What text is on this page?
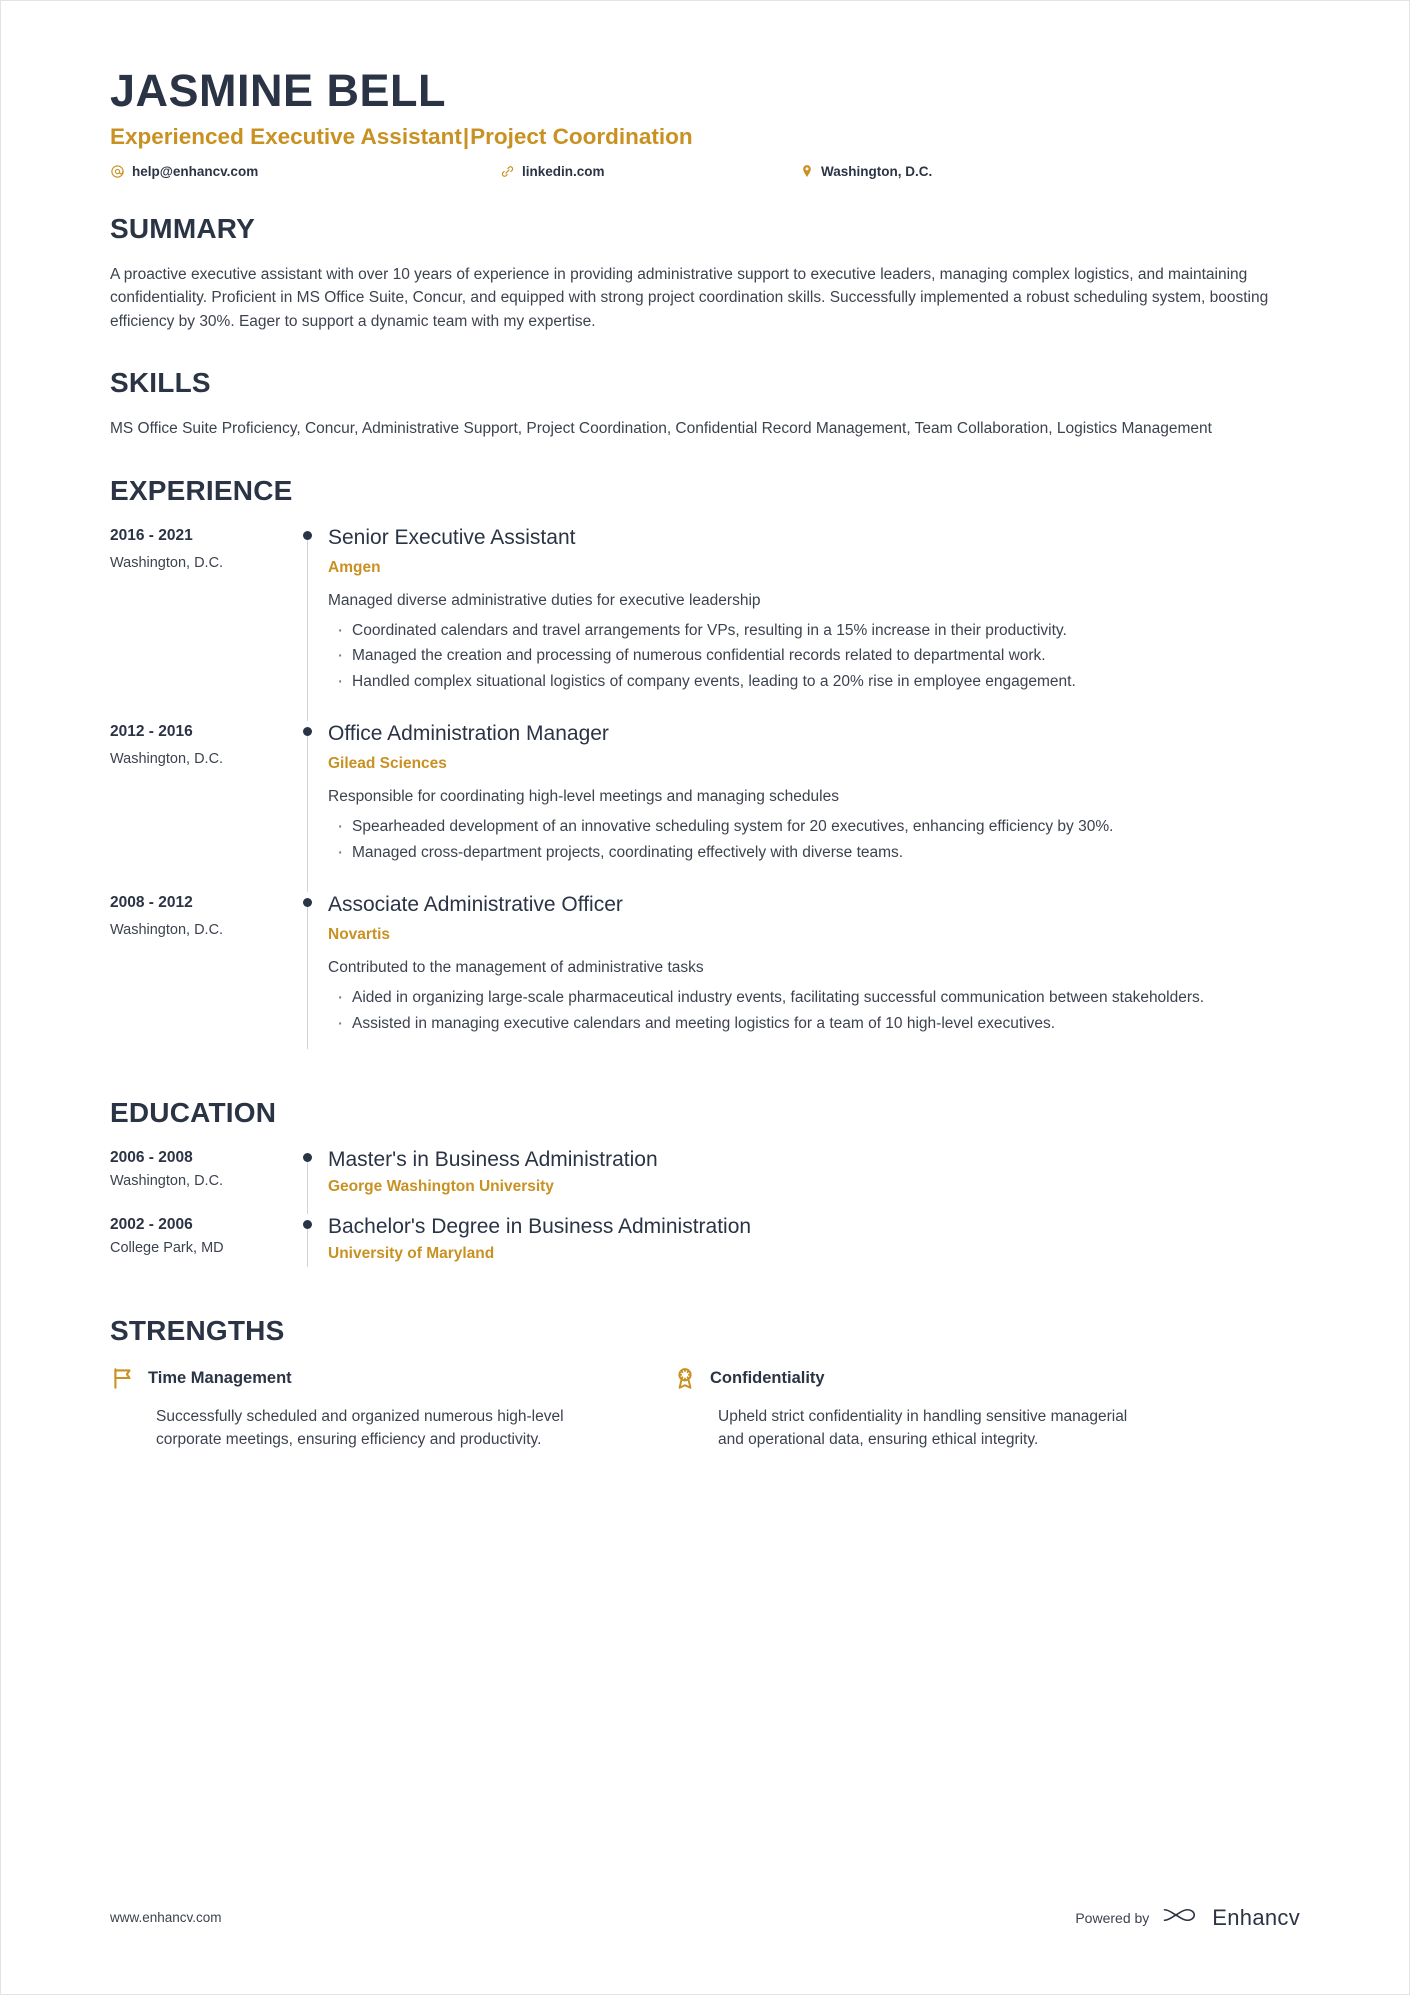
JASMINE BELL
Experienced Executive Assistant|Project Coordination
help@enhancv.com	linkedin.com	Washington, D.C.
SUMMARY
A proactive executive assistant with over 10 years of experience in providing administrative support to executive leaders, managing complex logistics, and maintaining confidentiality. Proficient in MS Office Suite, Concur, and equipped with strong project coordination skills. Successfully implemented a robust scheduling system, boosting efficiency by 30%. Eager to support a dynamic team with my expertise.
SKILLS
MS Office Suite Proficiency, Concur, Administrative Support, Project Coordination, Confidential Record Management, Team Collaboration, Logistics Management
EXPERIENCE
2016 - 2021
Washington, D.C.
Senior Executive Assistant
Amgen
Managed diverse administrative duties for executive leadership
· Coordinated calendars and travel arrangements for VPs, resulting in a 15% increase in their productivity.
· Managed the creation and processing of numerous confidential records related to departmental work.
· Handled complex situational logistics of company events, leading to a 20% rise in employee engagement.
2012 - 2016
Washington, D.C.
Office Administration Manager
Gilead Sciences
Responsible for coordinating high-level meetings and managing schedules
· Spearheaded development of an innovative scheduling system for 20 executives, enhancing efficiency by 30%.
· Managed cross-department projects, coordinating effectively with diverse teams.
2008 - 2012
Washington, D.C.
Associate Administrative Officer
Novartis
Contributed to the management of administrative tasks
· Aided in organizing large-scale pharmaceutical industry events, facilitating successful communication between stakeholders.
· Assisted in managing executive calendars and meeting logistics for a team of 10 high-level executives.
EDUCATION
2006 - 2008
Washington, D.C.
Master's in Business Administration
George Washington University
2002 - 2006
College Park, MD
Bachelor's Degree in Business Administration
University of Maryland
STRENGTHS
Time Management
Successfully scheduled and organized numerous high-level corporate meetings, ensuring efficiency and productivity.
Confidentiality
Upheld strict confidentiality in handling sensitive managerial and operational data, ensuring ethical integrity.
www.enhancv.com	Powered by	Enhancv
